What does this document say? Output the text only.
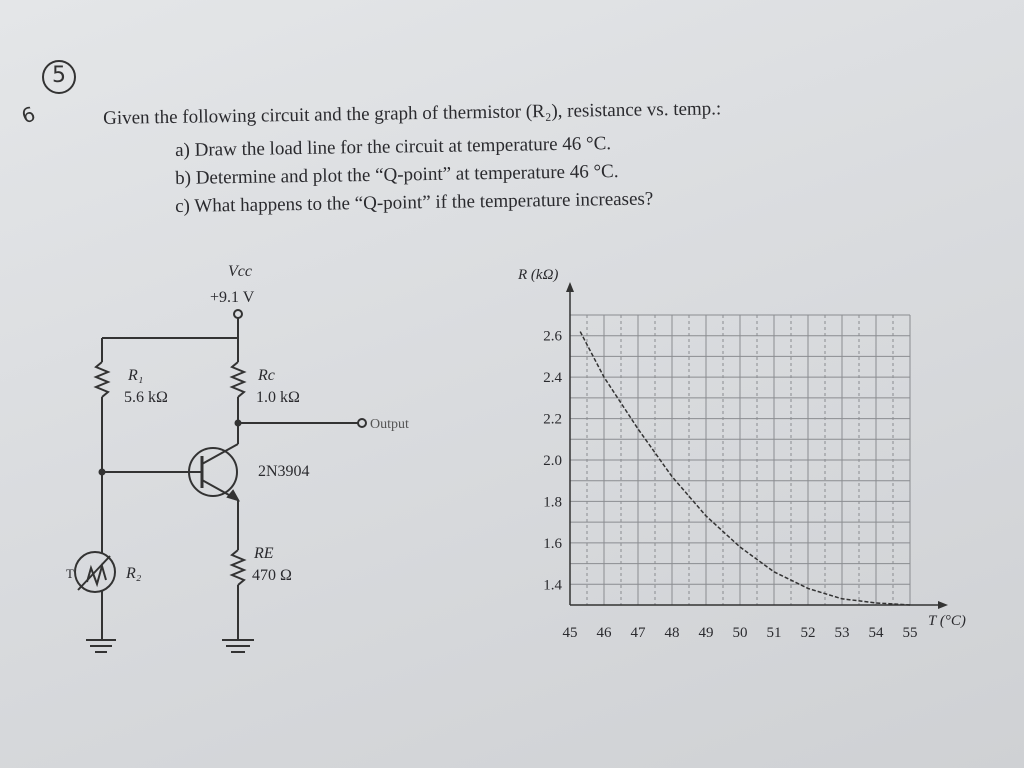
5
6	Given the following circuit and the graph of thermistor (R₂), resistance vs. temp.:
a) Draw the load line for the circuit at temperature 46 °C.
b) Determine and plot the “Q-point” at temperature 46 °C.
c) What happens to the “Q-point” if the temperature increases?
Vcc
+9.1 V
R₁
5.6 kΩ
Rc
1.0 kΩ
Output
2N3904
RE
470 Ω
R₂
T
2.6
2.4
2.2
2.0
1.8
1.6
1.4
45 46 47 48 49 50 51 52 53 54 55
R (kΩ)
T (°C)
